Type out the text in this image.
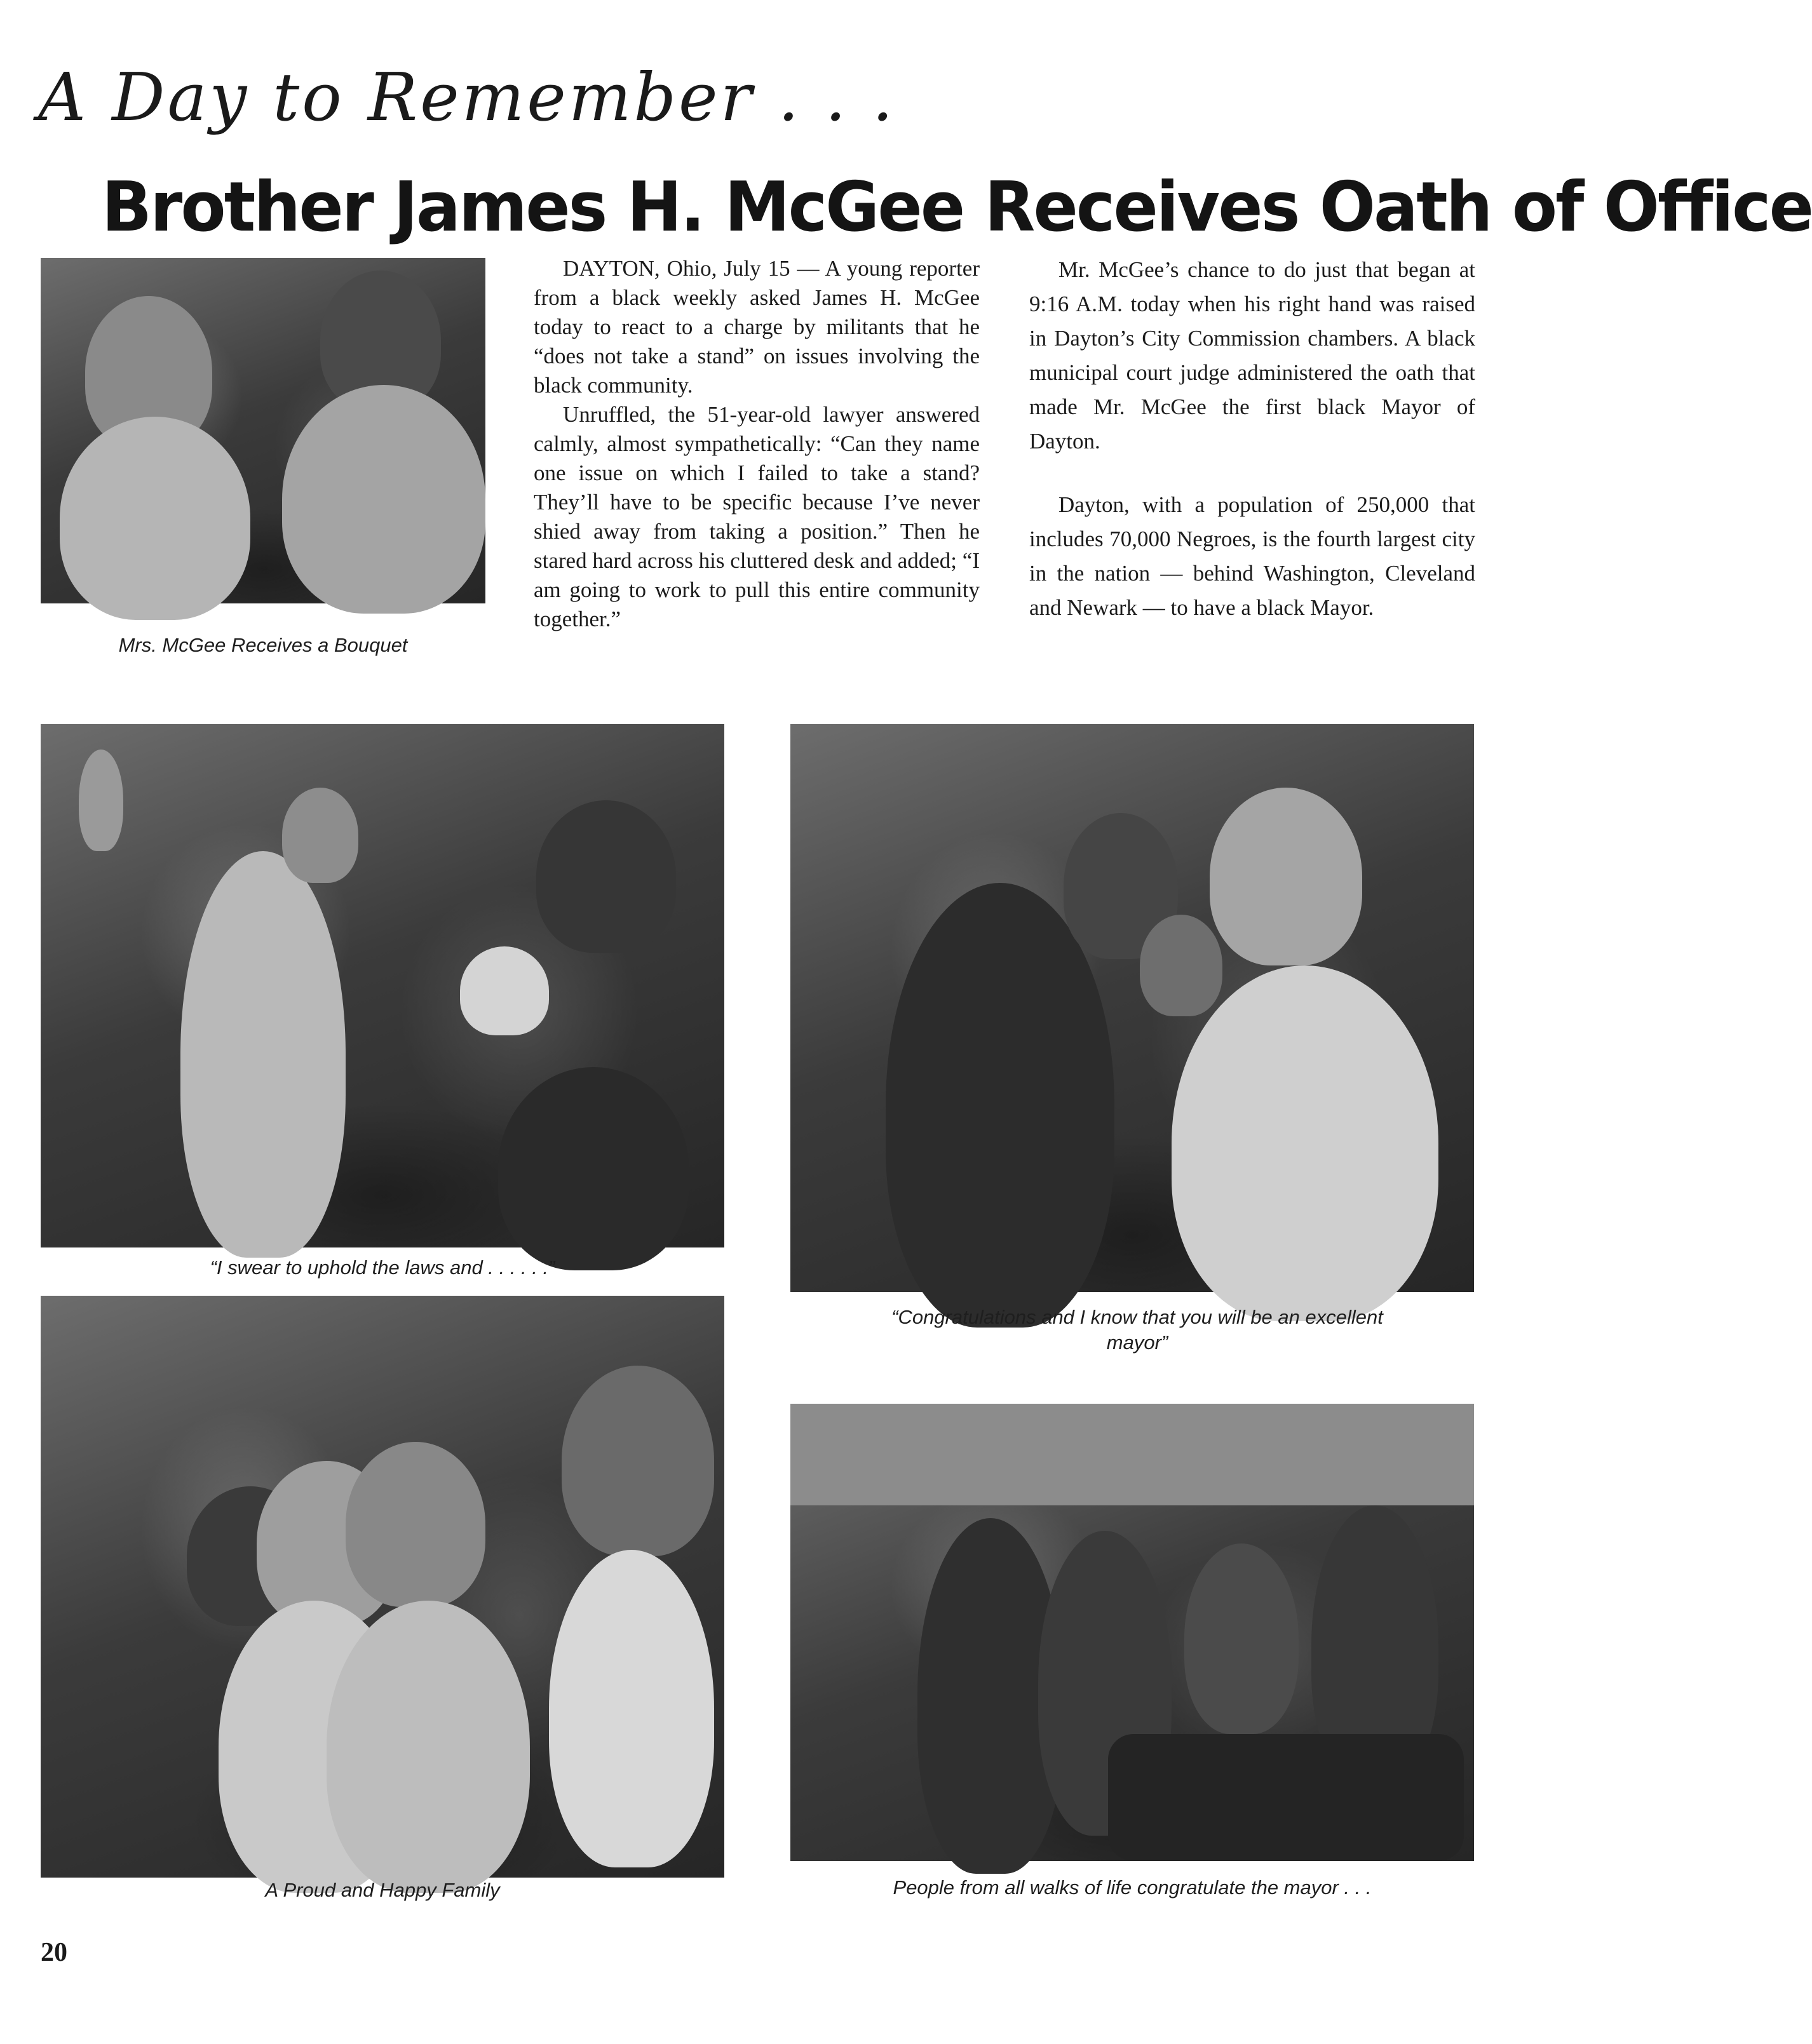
A Day to Remember . . .
Brother James H. McGee Receives Oath of Office
Mrs. McGee Receives a Bouquet

DAYTON, Ohio, July 15 — A young reporter from a black weekly asked James H. McGee today to react to a charge by militants that he “does not take a stand” on issues involving the black community.

Unruffled, the 51-year-old lawyer answered calmly, almost sympathetically: “Can they name one issue on which I failed to take a stand? They’ll have to be specific because I’ve never shied away from taking a position.” Then he stared hard across his cluttered desk and added; “I am going to work to pull this entire community together.”

Mr. McGee’s chance to do just that began at 9:16 A.M. today when his right hand was raised in Dayton’s City Commission chambers. A black municipal court judge administered the oath that made Mr. McGee the first black Mayor of Dayton.

Dayton, with a population of 250,000 that includes 70,000 Negroes, is the fourth largest city in the nation — behind Washington, Cleveland and Newark — to have a black Mayor.

“I swear to uphold the laws and . . . . . .”
“Congratulations and I know that you will be an excellent mayor”
A Proud and Happy Family	People from all walks of life congratulate the mayor . . .
20
